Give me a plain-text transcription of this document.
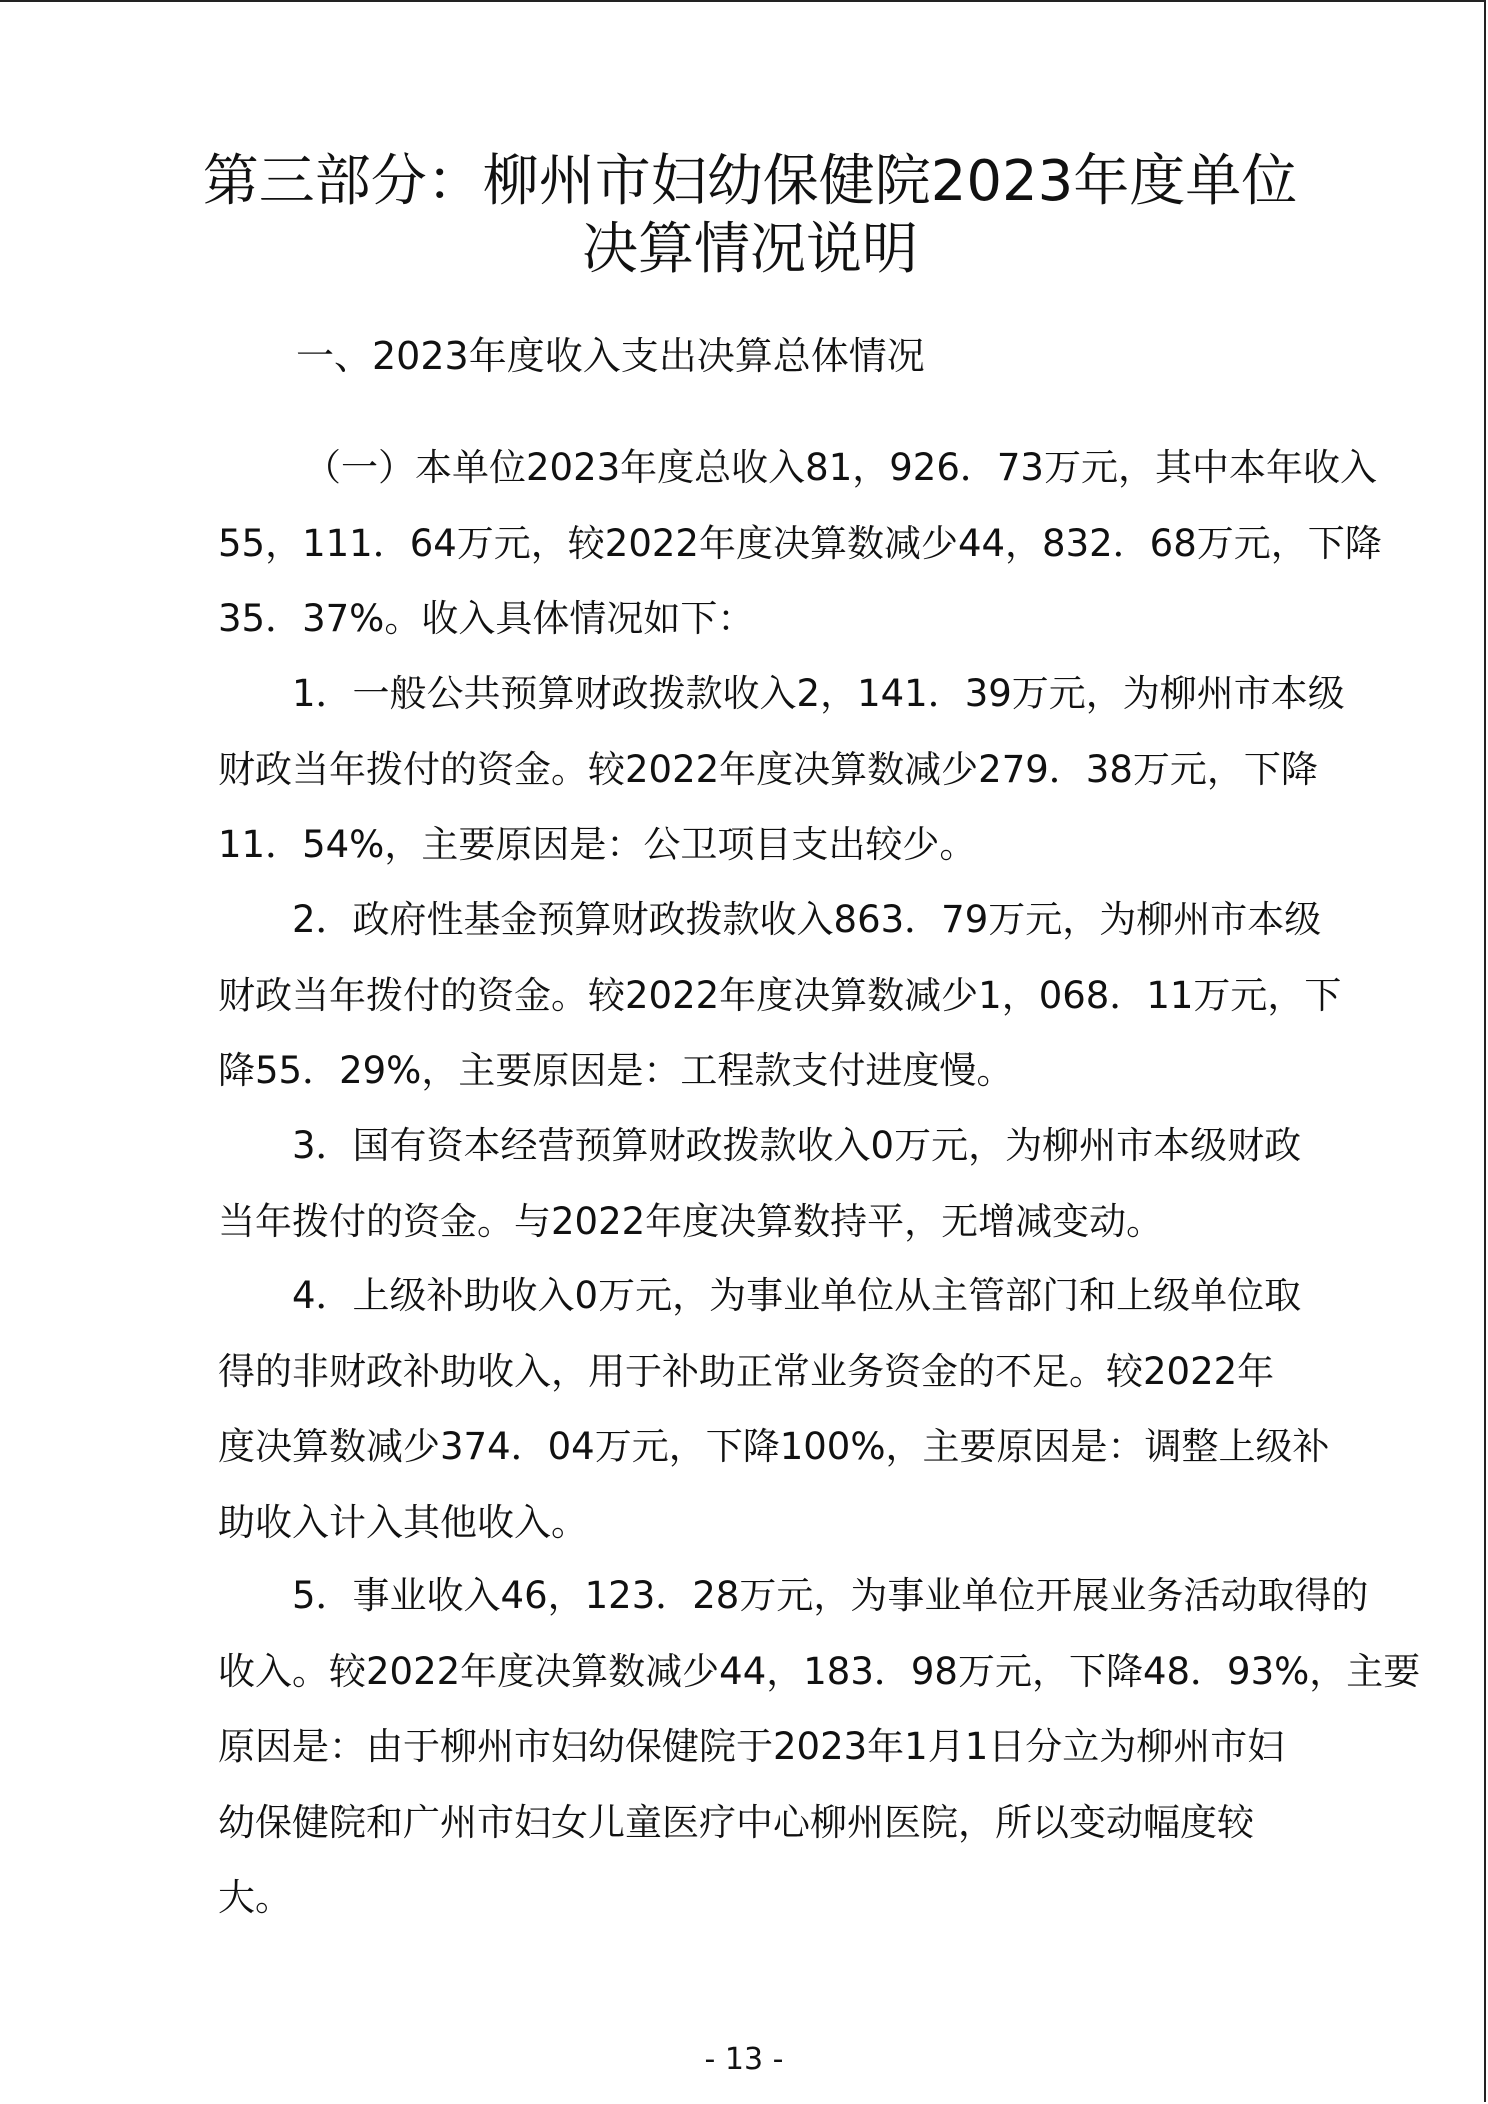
第三部分：柳州市妇幼保健院2023年度单位
决算情况说明
一、2023年度收入支出决算总体情况

（一）本单位2023年度总收入81，926．73万元，其中本年收入
55，111．64万元，较2022年度决算数减少44，832．68万元，下降
35．37%。收入具体情况如下：

1．一般公共预算财政拨款收入2，141．39万元，为柳州市本级
财政当年拨付的资金。较2022年度决算数减少279．38万元，下降
11．54%，主要原因是：公卫项目支出较少。

2．政府性基金预算财政拨款收入863．79万元，为柳州市本级
财政当年拨付的资金。较2022年度决算数减少1，068．11万元，下
降55．29%，主要原因是：工程款支付进度慢。

3．国有资本经营预算财政拨款收入0万元，为柳州市本级财政
当年拨付的资金。与2022年度决算数持平，无增减变动。

4．上级补助收入0万元，为事业单位从主管部门和上级单位取
得的非财政补助收入，用于补助正常业务资金的不足。较2022年
度决算数减少374．04万元，下降100%，主要原因是：调整上级补
助收入计入其他收入。

5．事业收入46，123．28万元，为事业单位开展业务活动取得的
收入。较2022年度决算数减少44，183．98万元，下降48．93%，主要
原因是：由于柳州市妇幼保健院于2023年1月1日分立为柳州市妇
幼保健院和广州市妇女儿童医疗中心柳州医院，所以变动幅度较
大。

- 13 -
